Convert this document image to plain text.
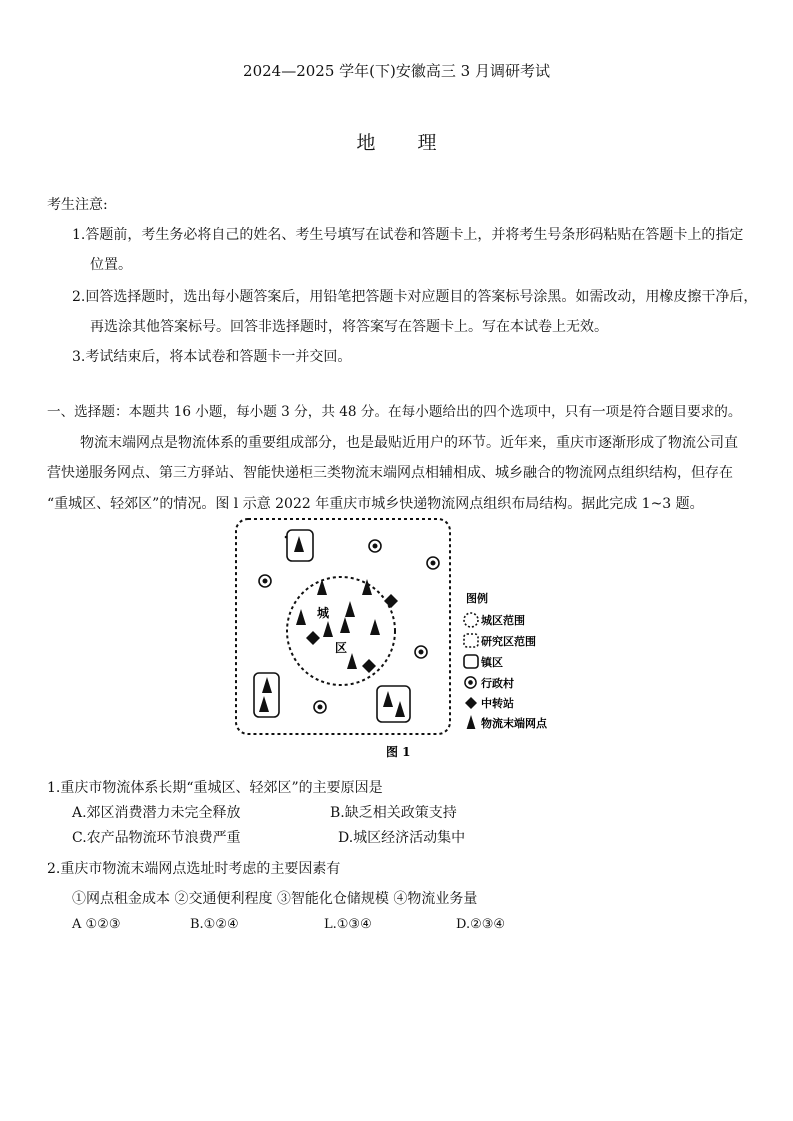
2024—2025 学年(下)安徽高三 3 月调研考试
地 理
考生注意:
1.答题前，考生务必将自己的姓名、考生号填写在试卷和答题卡上，并将考生号条形码粘贴在答题卡上的指定
位置。
2.回答选择题时，选出每小题答案后，用铅笔把答题卡对应题目的答案标号涂黑。如需改动，用橡皮擦干净后，
再选涂其他答案标号。回答非选择题时，将答案写在答题卡上。写在本试卷上无效。
3.考试结束后，将本试卷和答题卡一并交回。
一、选择题：本题共 16 小题，每小题 3 分，共 48 分。在每小题给出的四个选项中，只有一项是符合题目要求的。
物流末端网点是物流体系的重要组成部分，也是最贴近用户的环节。近年来，重庆市逐渐形成了物流公司直
营快递服务网点、第三方驿站、智能快递柜三类物流末端网点相辅相成、城乡融合的物流网点组织结构，但存在
“重城区、轻郊区”的情况。图 l 示意 2022 年重庆市城乡快递物流网点组织布局结构。据此完成 1~3 题。
城
区
图例
城区范围
研究区范围
镇区
行政村
中转站
物流末端网点
图 1
1.重庆市物流体系长期“重城区、轻郊区”的主要原因是
A.郊区消费潜力未完全释放	B.缺乏相关政策支持
C.农产品物流环节浪费严重	D.城区经济活动集中
2.重庆市物流末端网点选址时考虑的主要因素有
①网点租金成本 ②交通便利程度 ③智能化仓储规模 ④物流业务量
A ①②③	B.①②④	L.①③④	D.②③④
